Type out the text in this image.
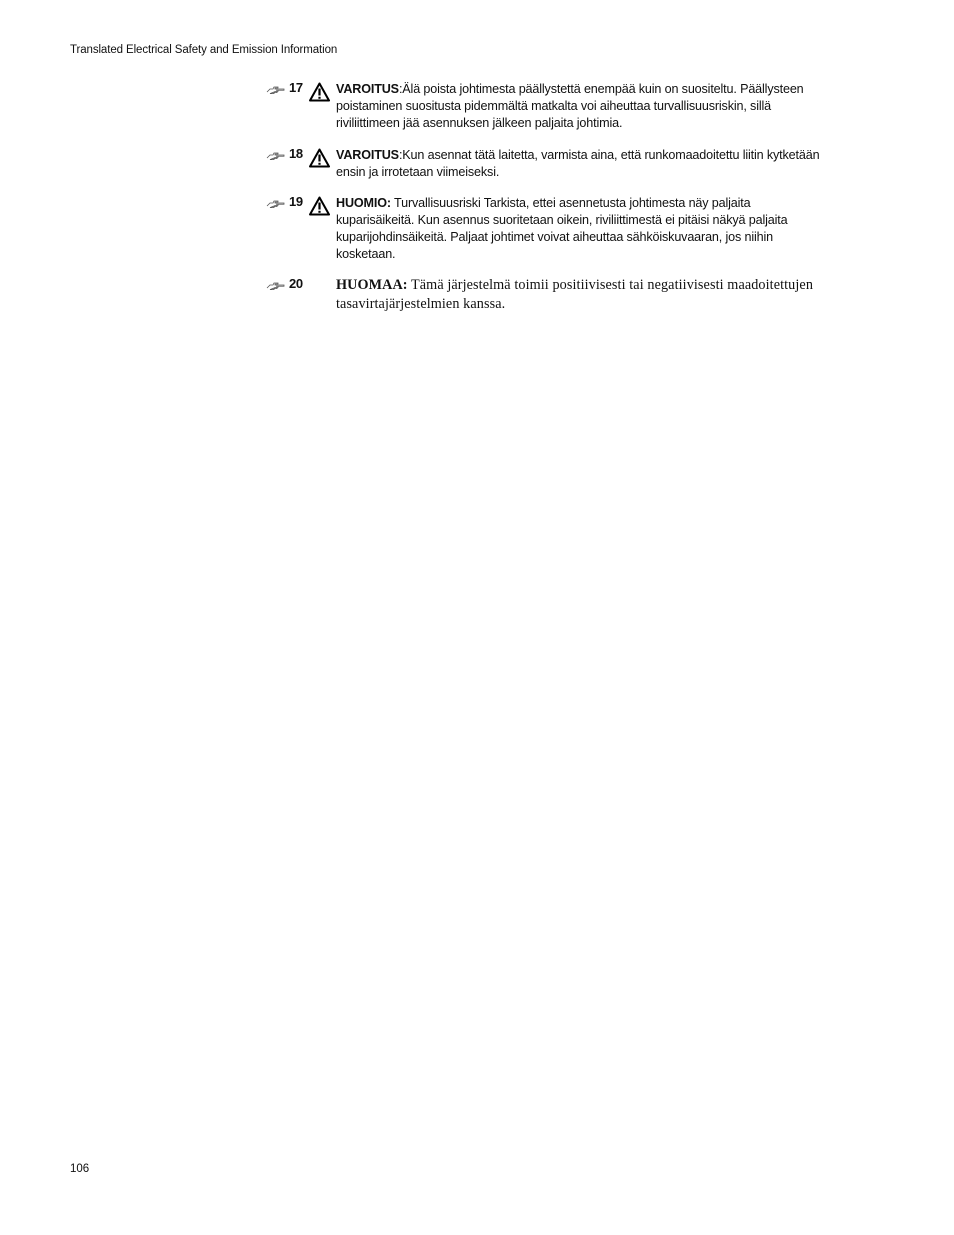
Translated Electrical Safety and Emission Information
17	VAROITUS:Älä poista johtimesta päällystettä enempää kuin on suositeltu. Päällysteen poistaminen suositusta pidemmältä matkalta voi aiheuttaa turvallisuusriskin, sillä riviliittimeen jää asennuksen jälkeen paljaita johtimia.
18	VAROITUS:Kun asennat tätä laitetta, varmista aina, että runkomaadoitettu liitin kytketään ensin ja irrotetaan viimeiseksi.
19	HUOMIO: Turvallisuusriski Tarkista, ettei asennetusta johtimesta näy paljaita kuparisäikeitä. Kun asennus suoritetaan oikein, riviliittimestä ei pitäisi näkyä paljaita kuparijohdinsäikeitä. Paljaat johtimet voivat aiheuttaa sähköiskuvaaran, jos niihin kosketaan.
20 HUOMAA: Tämä järjestelmä toimii positiivisesti tai negatiivisesti maadoitettujen tasavirtajärjestelmien kanssa.
106
